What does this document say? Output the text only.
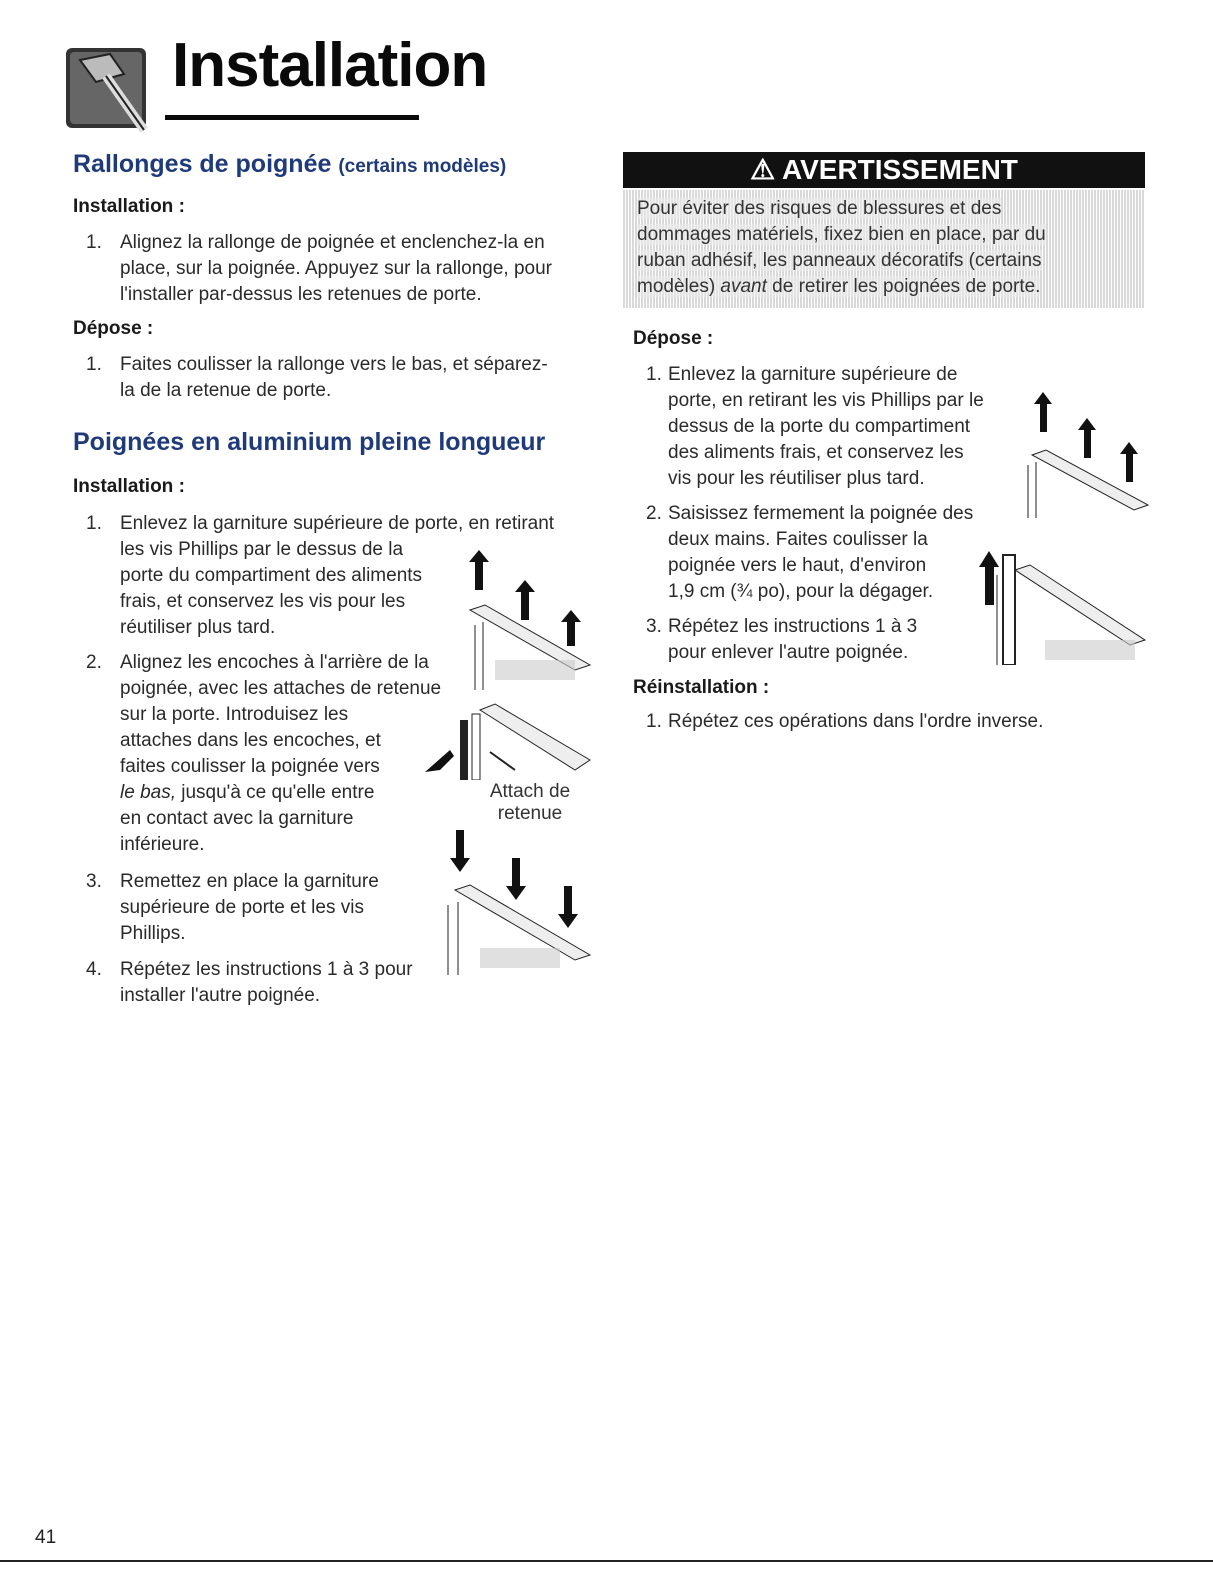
Installation
Rallonges de poignée (certains modèles)
Installation :
1. Alignez la rallonge de poignée et enclenchez-la en
place, sur la poignée. Appuyez sur la rallonge, pour
l'installer par-dessus les retenues de porte.
Dépose :
1. Faites coulisser la rallonge vers le bas, et séparez-
la de la retenue de porte.
Poignées en aluminium pleine longueur
Installation :
1. Enlevez la garniture supérieure de porte, en retirant
les vis Phillips par le dessus de la
porte du compartiment des aliments
frais, et conservez les vis pour les
réutiliser plus tard.
2. Alignez les encoches à l'arrière de la
poignée, avec les attaches de retenue
sur la porte. Introduisez les
attaches dans les encoches, et
faites coulisser la poignée vers
le bas, jusqu'à ce qu'elle entre
en contact avec la garniture
inférieure.
3. Remettez en place la garniture
supérieure de porte et les vis
Phillips.
4. Répétez les instructions 1 à 3 pour
installer l'autre poignée.
Attach de
retenue
⚠ AVERTISSEMENT
Pour éviter des risques de blessures et des
dommages matériels, fixez bien en place, par du
ruban adhésif, les panneaux décoratifs (certains
modèles) avant de retirer les poignées de porte.
Dépose :
1. Enlevez la garniture supérieure de
porte, en retirant les vis Phillips par le
dessus de la porte du compartiment
des aliments frais, et conservez les
vis pour les réutiliser plus tard.
2. Saisissez fermement la poignée des
deux mains. Faites coulisser la
poignée vers le haut, d'environ
1,9 cm (¾ po), pour la dégager.
3. Répétez les instructions 1 à 3
pour enlever l'autre poignée.
Réinstallation :
1. Répétez ces opérations dans l'ordre inverse.
41
